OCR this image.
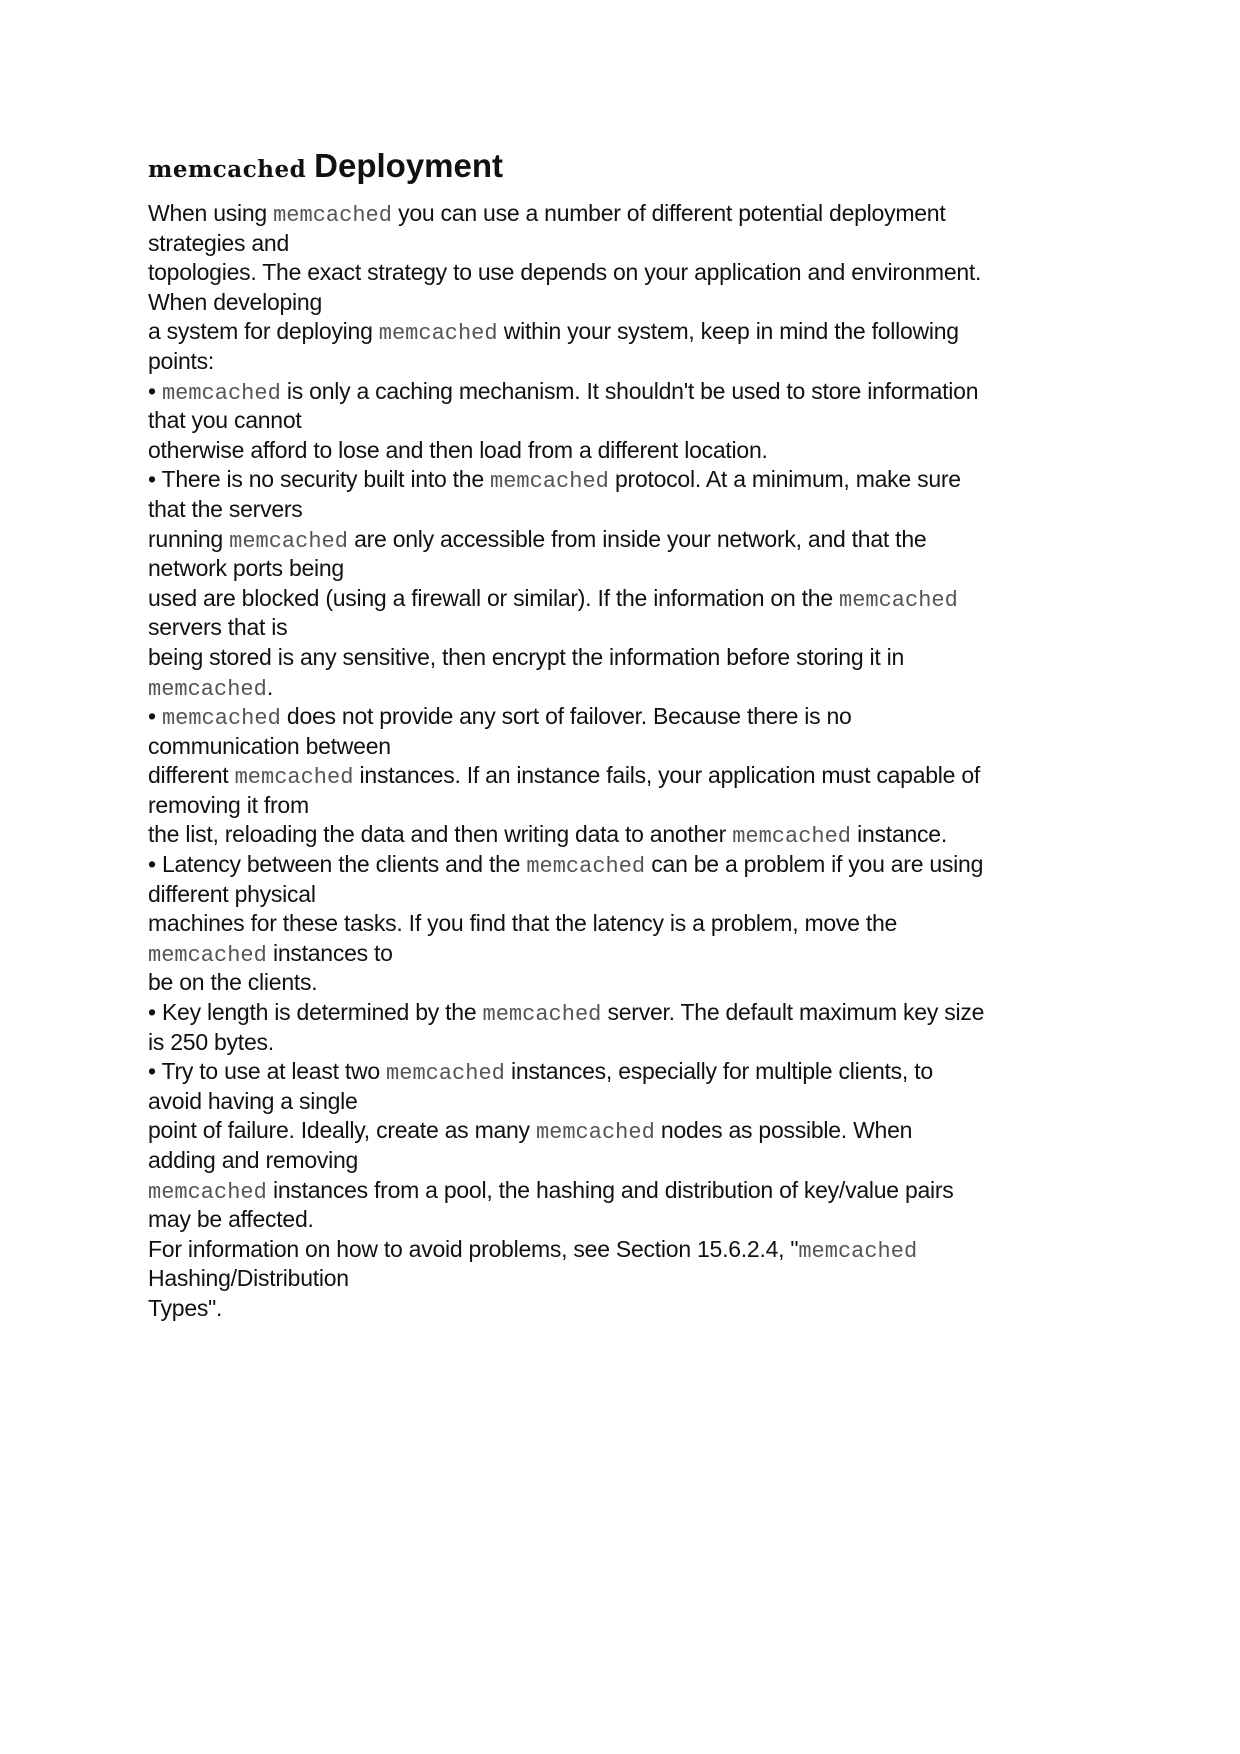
memcached Deployment
When using memcached you can use a number of different potential deployment
strategies and
topologies. The exact strategy to use depends on your application and environment.
When developing
a system for deploying memcached within your system, keep in mind the following
points:
• memcached is only a caching mechanism. It shouldn't be used to store information
that you cannot
otherwise afford to lose and then load from a different location.
• There is no security built into the memcached protocol. At a minimum, make sure
that the servers
running memcached are only accessible from inside your network, and that the
network ports being
used are blocked (using a firewall or similar). If the information on the memcached
servers that is
being stored is any sensitive, then encrypt the information before storing it in
memcached.
• memcached does not provide any sort of failover. Because there is no
communication between
different memcached instances. If an instance fails, your application must capable of
removing it from
the list, reloading the data and then writing data to another memcached instance.
• Latency between the clients and the memcached can be a problem if you are using
different physical
machines for these tasks. If you find that the latency is a problem, move the
memcached instances to
be on the clients.
• Key length is determined by the memcached server. The default maximum key size
is 250 bytes.
• Try to use at least two memcached instances, especially for multiple clients, to
avoid having a single
point of failure. Ideally, create as many memcached nodes as possible. When
adding and removing
memcached instances from a pool, the hashing and distribution of key/value pairs
may be affected.
For information on how to avoid problems, see Section 15.6.2.4, "memcached
Hashing/Distribution
Types".
